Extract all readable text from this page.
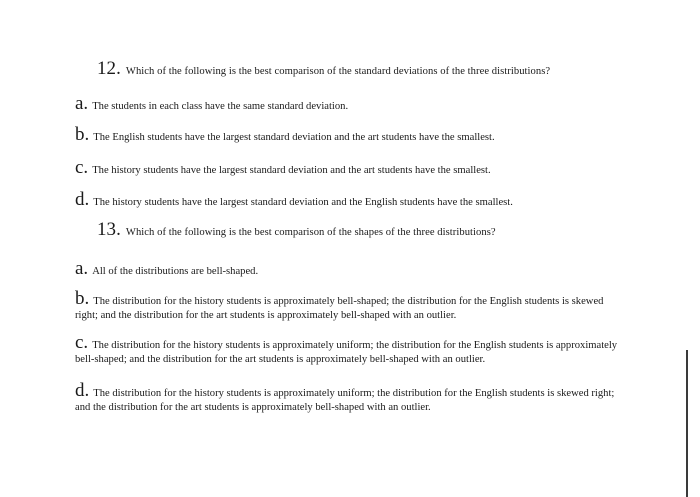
12. Which of the following is the best comparison of the standard deviations of the three distributions?
a. The students in each class have the same standard deviation.
b. The English students have the largest standard deviation and the art students have the smallest.
c. The history students have the largest standard deviation and the art students have the smallest.
d. The history students have the largest standard deviation and the English students have the smallest.
13. Which of the following is the best comparison of the shapes of the three distributions?
a. All of the distributions are bell-shaped.
b. The distribution for the history students is approximately bell-shaped; the distribution for the English students is skewed right; and the distribution for the art students is approximately bell-shaped with an outlier.
c. The distribution for the history students is approximately uniform; the distribution for the English students is approximately bell-shaped; and the distribution for the art students is approximately bell-shaped with an outlier.
d. The distribution for the history students is approximately uniform; the distribution for the English students is skewed right; and the distribution for the art students is approximately bell-shaped with an outlier.
